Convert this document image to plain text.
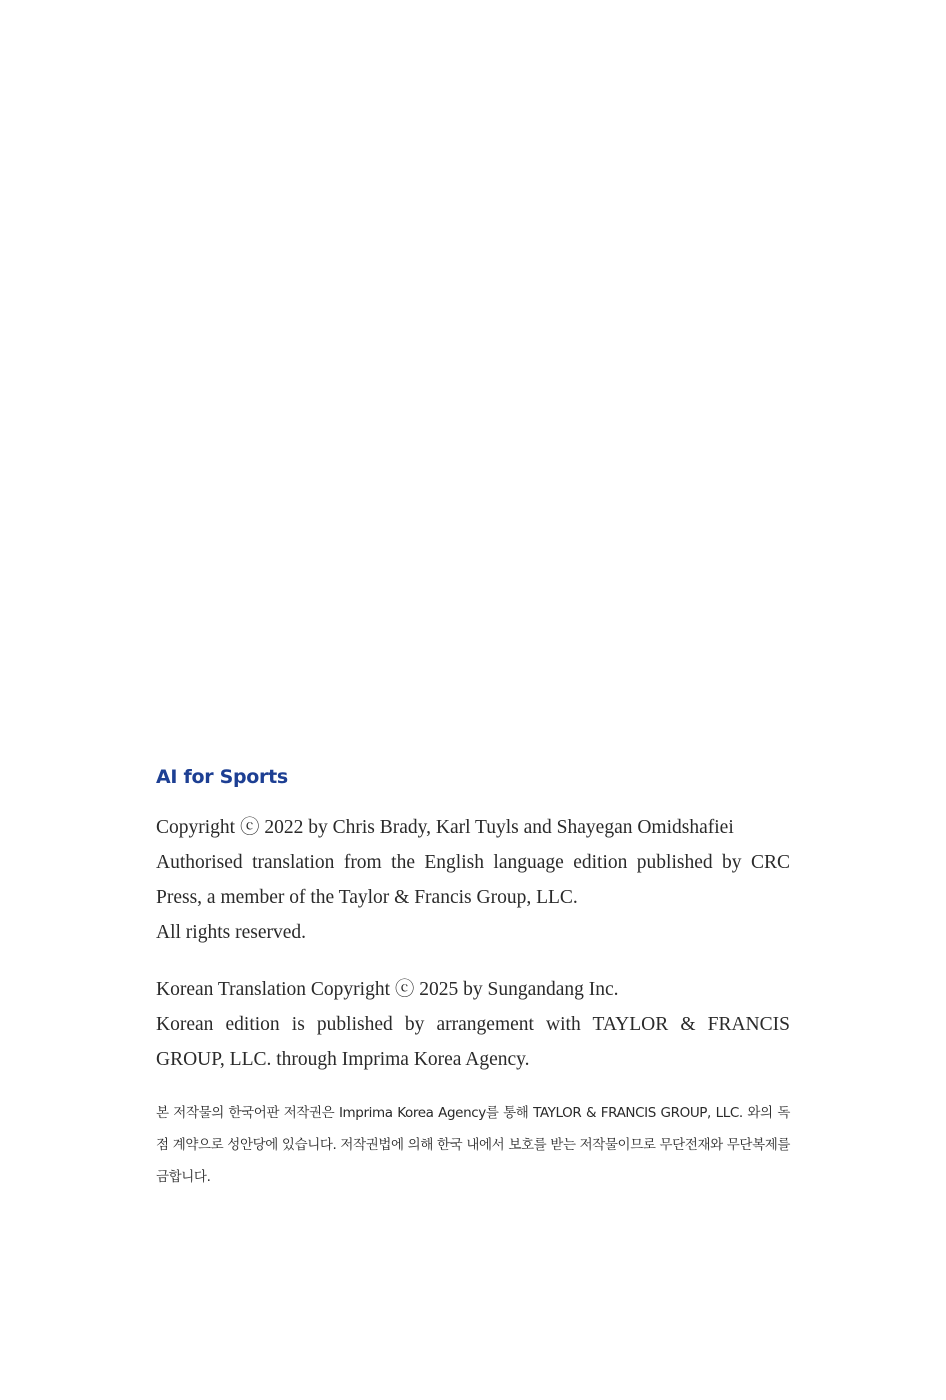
AI for Sports

Copyright ⓒ 2022 by Chris Brady, Karl Tuyls and Shayegan Omidshafiei
Authorised translation from the English language edition published by CRC Press, a member of the Taylor & Francis Group, LLC.
All rights reserved.

Korean Translation Copyright ⓒ 2025 by Sungandang Inc.
Korean edition is published by arrangement with TAYLOR & FRANCIS GROUP, LLC. through Imprima Korea Agency.

본 저작물의 한국어판 저작권은 Imprima Korea Agency를 통해 TAYLOR & FRANCIS GROUP, LLC. 와의 독점 계약으로 성안당에 있습니다. 저작권법에 의해 한국 내에서 보호를 받는 저작물이므로 무단전재와 무단복제를 금합니다.
